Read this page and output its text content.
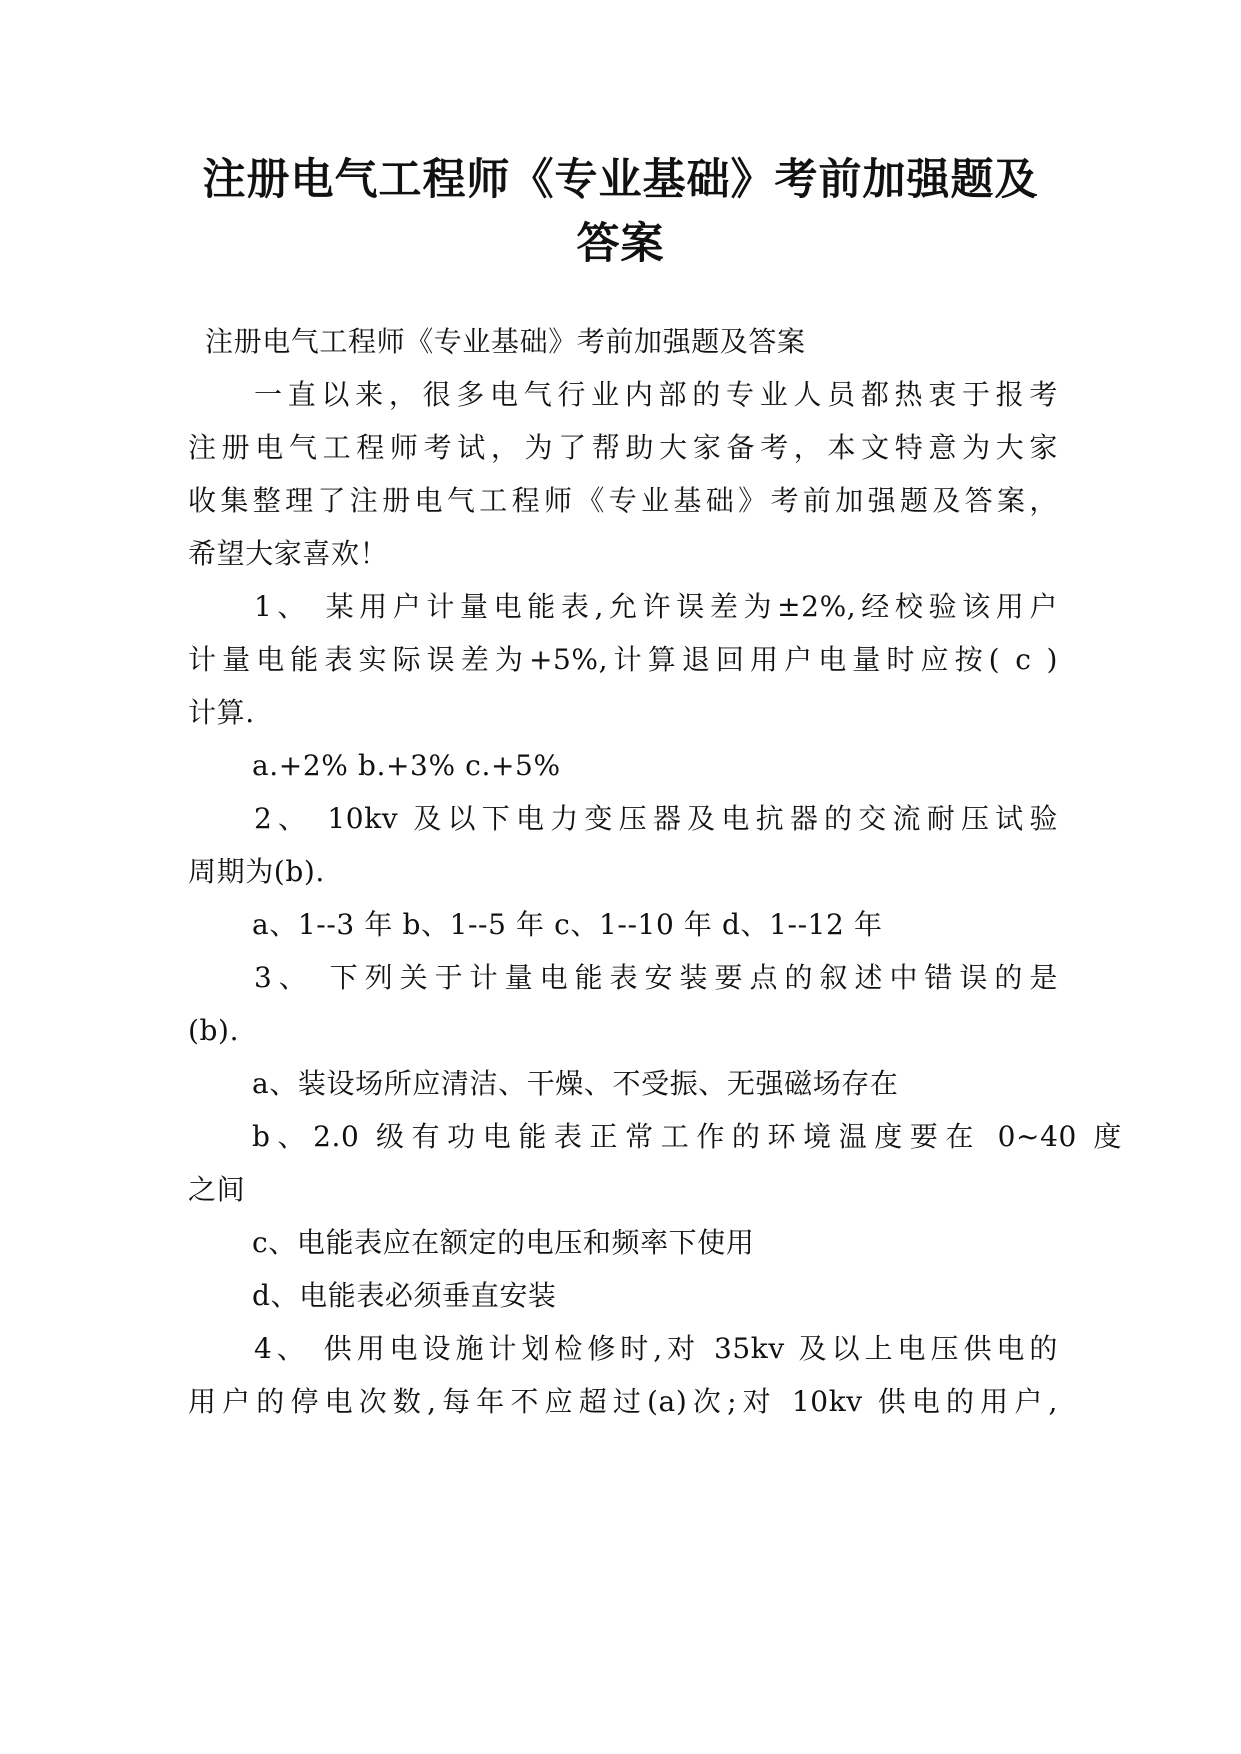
注册电气工程师《专业基础》考前加强题及
答案

注册电气工程师《专业基础》考前加强题及答案

一直以来，很多电气行业内部的专业人员都热衷于报考

注册电气工程师考试，为了帮助大家备考，本文特意为大家

收集整理了注册电气工程师《专业基础》考前加强题及答案，

希望大家喜欢！

1、 某用户计量电能表,允许误差为±2%,经校验该用户

计量电能表实际误差为+5%,计算退回用户电量时应按( c )

计算.

a.+2% b.+3% c.+5%

2、 10kv 及以下电力变压器及电抗器的交流耐压试验

周期为(b).

a、1--3 年 b、1--5 年 c、1--10 年 d、1--12 年

3、 下列关于计量电能表安装要点的叙述中错误的是

(b).

a、装设场所应清洁、干燥、不受振、无强磁场存在

b、2.0 级有功电能表正常工作的环境温度要在 0~40 度

之间

c、电能表应在额定的电压和频率下使用

d、电能表必须垂直安装

4、 供用电设施计划检修时,对 35kv 及以上电压供电的

用户的停电次数,每年不应超过(a)次;对 10kv 供电的用户,
